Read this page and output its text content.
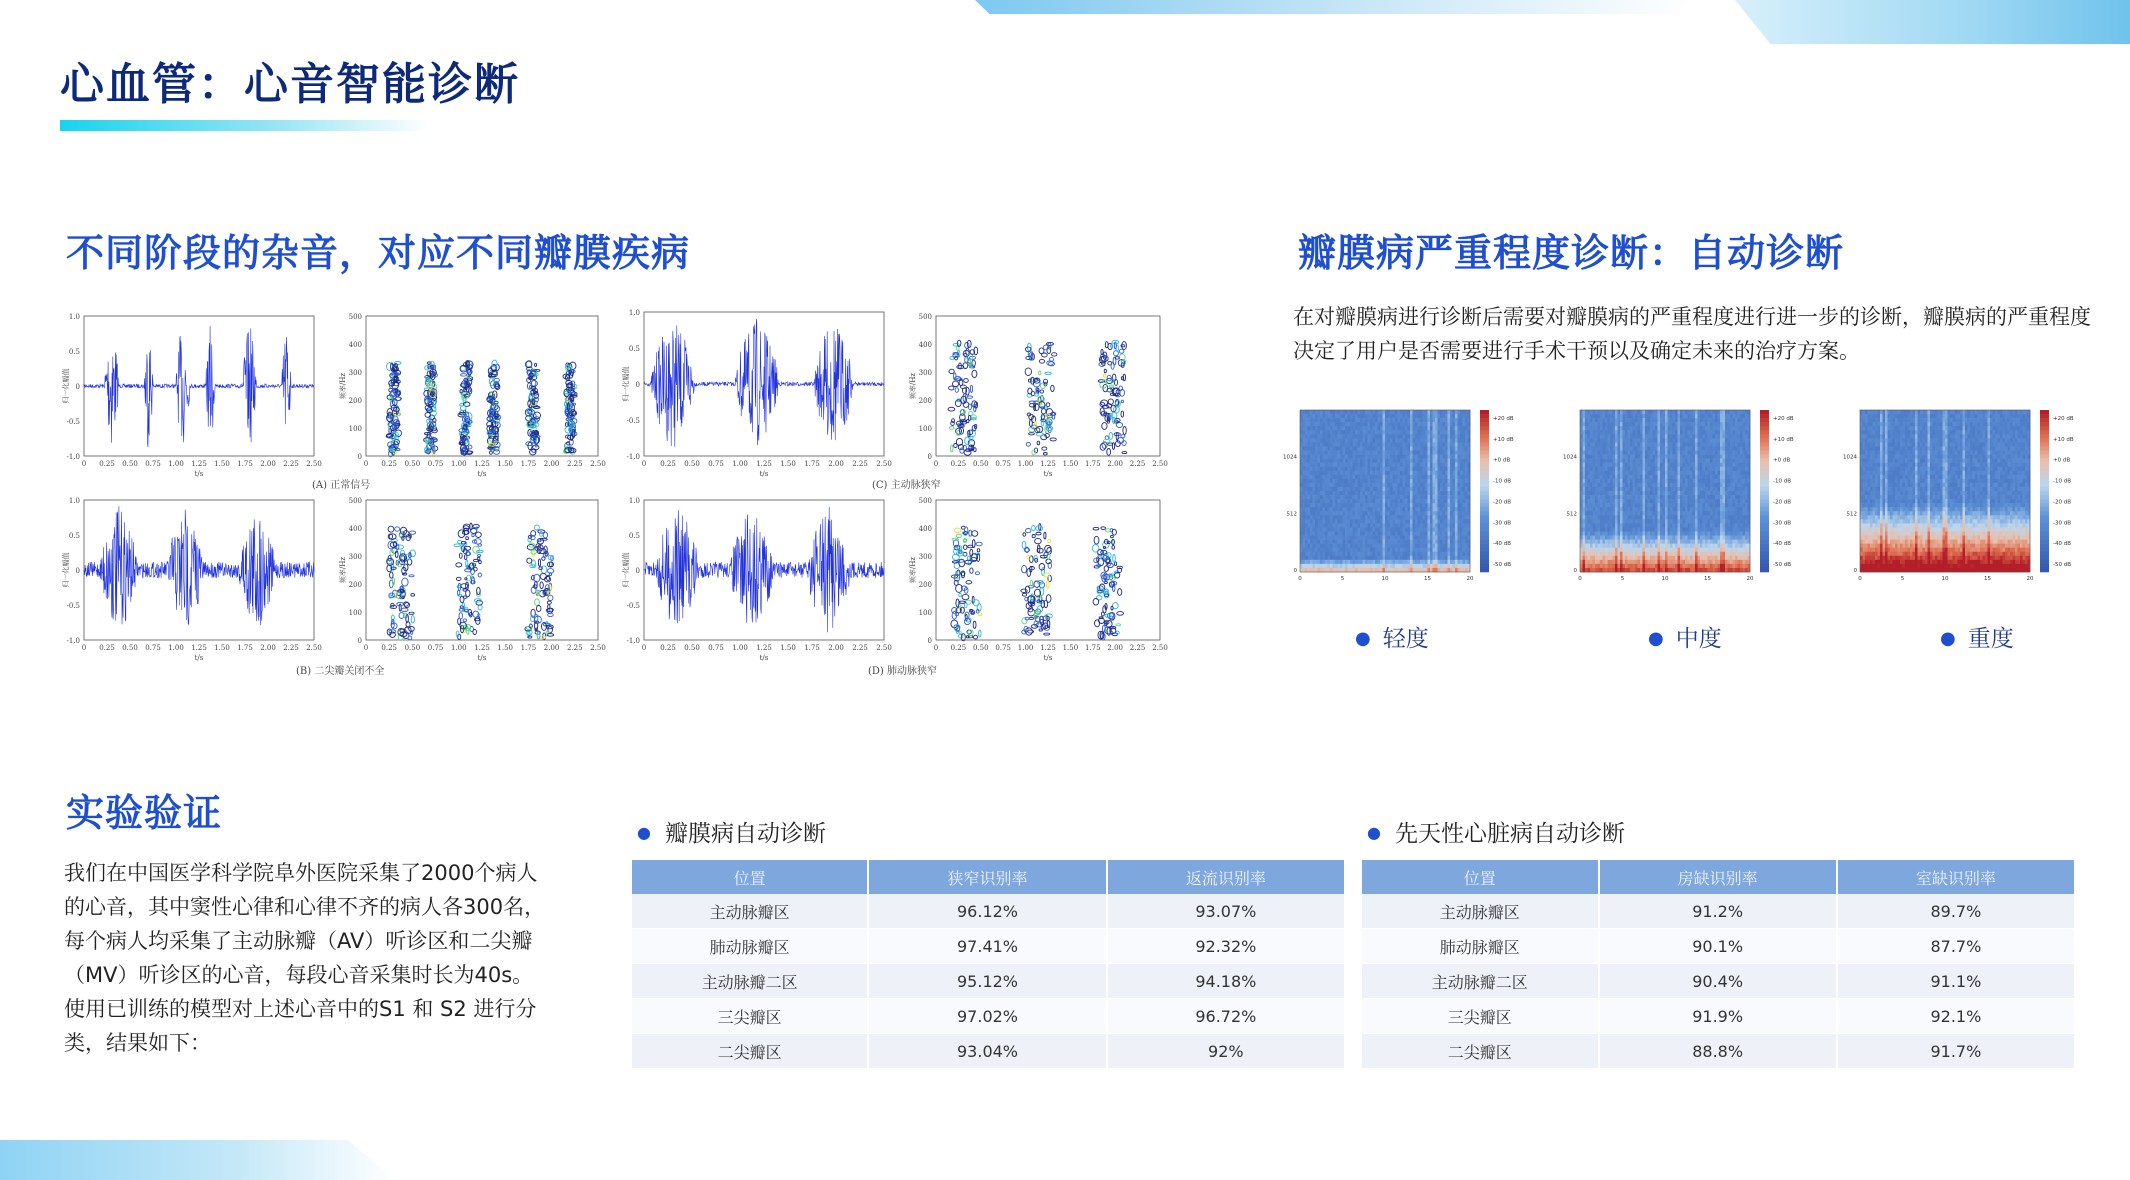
心血管：心音智能诊断
不同阶段的杂音，对应不同瓣膜疾病
1.0
0.5
0
-0.5
-1.0
0 0.25 0.50 0.75 1.00 1.25 1.50 1.75 2.00 2.25 2.50
t/s
归一化幅值
500
400
300
200
100
0
0 0.25 0.50 0.75 1.00 1.25 1.50 1.75 2.00 2.25 2.50
t/s
频率/Hz
1.0
0.5
0
-0.5
-1.0
0 0.25 0.50 0.75 1.00 1.25 1.50 1.75 2.00 2.25 2.50
t/s
归一化幅值
500
400
300
200
100
0
0 0.25 0.50 0.75 1.00 1.25 1.50 1.75 2.00 2.25 2.50
t/s
频率/Hz
(A) 正常信号	(C) 主动脉狭窄
1.0
0.5
0
-0.5
-1.0
0 0.25 0.50 0.75 1.00 1.25 1.50 1.75 2.00 2.25 2.50
t/s
归一化幅值
500
400
300
200
100
0
0 0.25 0.50 0.75 1.00 1.25 1.50 1.75 2.00 2.25 2.50
t/s
频率/Hz
1.0
0.5
0
-0.5
-1.0
0 0.25 0.50 0.75 1.00 1.25 1.50 1.75 2.00 2.25 2.50
t/s
归一化幅值
500
400
300
200
100
0
0 0.25 0.50 0.75 1.00 1.25 1.50 1.75 2.00 2.25 2.50
t/s
频率/Hz
(B) 二尖瓣关闭不全	(D) 肺动脉狭窄
瓣膜病严重程度诊断：自动诊断
在对瓣膜病进行诊断后需要对瓣膜病的严重程度进行进一步的诊断，瓣膜病的严重程度决定了用户是否需要进行手术干预以及确定未来的治疗方案。
+20 dB
+10 dB
+0 dB
-10 dB
-20 dB
-30 dB
-40 dB
-50 dB
1024
512
0
0	5	10	15	20
+20 dB
+10 dB
+0 dB
-10 dB
-20 dB
-30 dB
-40 dB
-50 dB
1024
512
0
0	5	10	15	20
+20 dB
+10 dB
+0 dB
-10 dB
-20 dB
-30 dB
-40 dB
-50 dB
1024
512
0
0	5	10	15	20
● 轻度	● 中度	● 重度
实验验证
我们在中国医学科学院阜外医院采集了2000个病人的心音，其中窦性心律和心律不齐的病人各300名，每个病人均采集了主动脉瓣（AV）听诊区和二尖瓣（MV）听诊区的心音，每段心音采集时长为40s。使用已训练的模型对上述心音中的S1 和 S2 进行分类，结果如下：
● 瓣膜病自动诊断
位置	狭窄识别率	返流识别率
主动脉瓣区	96.12%	93.07%
肺动脉瓣区	97.41%	92.32%
主动脉瓣二区	95.12%	94.18%
三尖瓣区	97.02%	96.72%
二尖瓣区	93.04%	92%
● 先天性心脏病自动诊断
位置	房缺识别率	室缺识别率
主动脉瓣区	91.2%	89.7%
肺动脉瓣区	90.1%	87.7%
主动脉瓣二区	90.4%	91.1%
三尖瓣区	91.9%	92.1%
二尖瓣区	88.8%	91.7%
